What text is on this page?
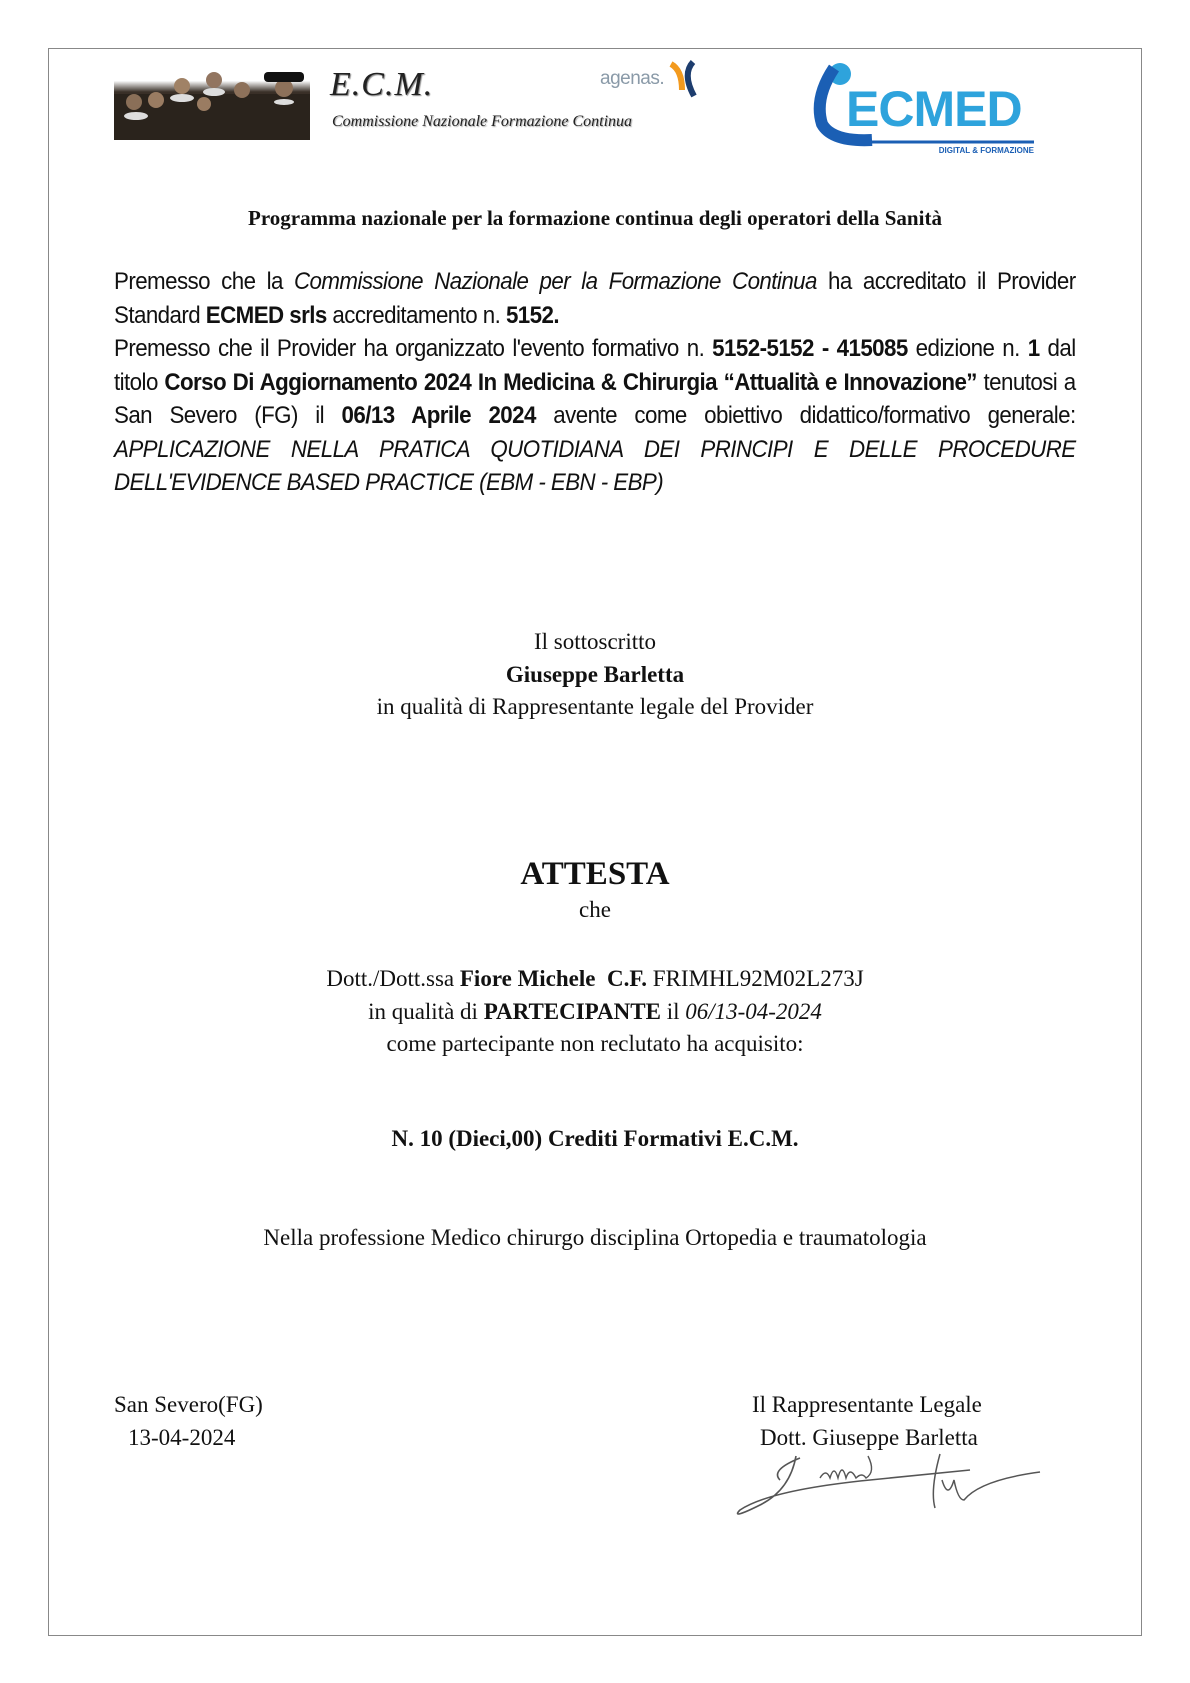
E.C.M.
Commissione Nazionale Formazione Continua
agenas.
ECMED
DIGITAL & FORMAZIONE
Programma nazionale per la formazione continua degli operatori della Sanità
Premesso che la Commissione Nazionale per la Formazione Continua ha accreditato il Provider Standard ECMED srls accreditamento n. 5152.
Premesso che il Provider ha organizzato l'evento formativo n. 5152-5152 - 415085 edizione n. 1 dal titolo Corso Di Aggiornamento 2024 In Medicina & Chirurgia “Attualità e Innovazione” tenutosi a San Severo (FG) il 06/13 Aprile 2024 avente come obiettivo didattico/formativo generale: APPLICAZIONE NELLA PRATICA QUOTIDIANA DEI PRINCIPI E DELLE PROCEDURE DELL'EVIDENCE BASED PRACTICE (EBM - EBN - EBP)
Il sottoscritto
Giuseppe Barletta
in qualità di Rappresentante legale del Provider
ATTESTA
che
Dott./Dott.ssa Fiore Michele C.F. FRIMHL92M02L273J
in qualità di PARTECIPANTE il 06/13-04-2024
come partecipante non reclutato ha acquisito:
N. 10 (Dieci,00) Crediti Formativi E.C.M.
Nella professione Medico chirurgo disciplina Ortopedia e traumatologia
San Severo(FG)
13-04-2024
Il Rappresentante Legale
Dott. Giuseppe Barletta
